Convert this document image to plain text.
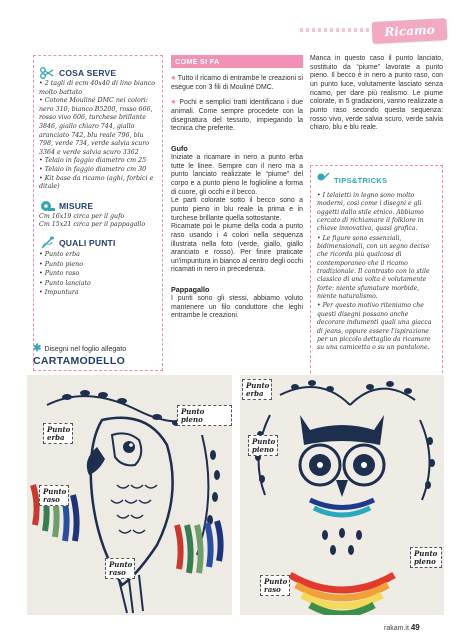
Ricamo
COSA SERVE
• 2 tagli di ecm 40x40 di lino bianco molto battato
• Cotone Mouliné DMC nei colori: nero 310, bianco B5200, rosso 666, rosso vivo 606, turchese brillante 3846, giallo chiaro 744, giallo aranciato 742, blu reale 796, blu 798, verde 734, verde salvia scuro 3364 e verde salvia scuro 3362
• Telaio in faggio diametro cm 25
• Telaio in faggio diametro cm 30
• Kit base da ricamo (aghi, forbici e ditale)
MISURE
Cm 16x19 circa per il gufo
Cm 15x21 circa per il pappagallo
QUALI PUNTI
• Punto erba
• Punto pieno
• Punto raso
• Punto lanciato
• Impuntura
✱ Disegni nel foglio allegato
CARTAMODELLO
COME SI FA
● Tutto il ricamo di entrambe le creazioni si esegue con 3 fili di Mouliné DMC.
● Pochi e semplici tratti identificano i due animali. Come sempre procedete con la disegnatura del tessuto, impiegando la tecnica che preferite.
Gufo
Iniziate a ricamare in nero a punto erba tutte le linee. Sempre con il nero ma a punto lanciato realizzate le “piume” del corpo e a punto pieno le foglioline a forma di cuore, gli occhi e il becco.
Le parti colorate sotto il becco sono a punto pieno in blu reale la prima e in turchese brillante quella sottostante.
Ricamate poi le piume della coda a punto raso usando i 4 colori nella sequenza illustrata nella foto (verde, giallo, giallo aranciato e rosso). Per finire praticate un'impuntura in bianco al centro degli occhi ricamati in nero in precedenza.
Pappagallo
I punti sono gli stessi, abbiamo voluto mantenere un filo conduttore che leghi entrambe le creazioni.
Manca in questo caso il punto lanciato, sostituito da “piume” lavorate a punto pieno. Il becco è in nero a punto raso, con un punto luce, volutamente lasciato senza ricamo, per dare più realismo. Le piume colorate, in 5 gradazioni, vanno realizzate a punto raso secondo questa sequenza: rosso vivo, verde salvia scuro, verde salvia chiaro, blu e blu reale.
TIPS&TRICKS
• I telaietti in legno sono molto moderni, così come i disegni e gli oggetti dallo stile etnico. Abbiamo cercato di richiamare il folklore in chiave innovativa, quasi grafica.
• Le figure sono essenziali, bidimensionali, con un segno deciso che ricorda più qualcosa di contemporaneo che il ricamo tradizionale. Il contrasto con lo stile classico di una volta è volutamente forte: niente sfumature morbide, niente naturalismo.
• Per questo motivo riteniamo che questi disegni possano anche decorare indumenti quali una giacca di jeans, oppure essere l'ispirazione per un piccolo dettaglio da ricamare su una camicetta o su un pantalone.
Punto pieno
Punto erba
Punto raso
Punto raso
Punto erba
Punto pieno
Punto pieno
Punto raso
rakam.it 49
